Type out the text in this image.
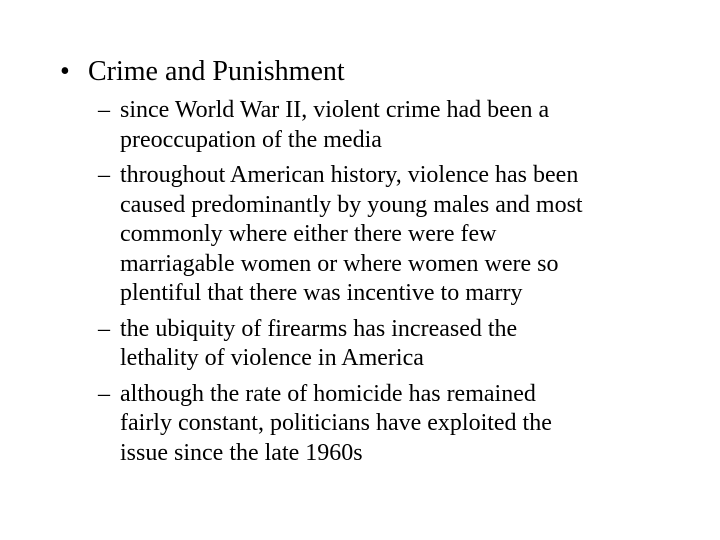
• Crime and Punishment
– since World War II, violent crime had been a
preoccupation of the media
– throughout American history, violence has been
caused predominantly by young males and most
commonly where either there were few
marriagable women or where women were so
plentiful that there was incentive to marry
– the ubiquity of firearms has increased the
lethality of violence in America
– although the rate of homicide has remained
fairly constant, politicians have exploited the
issue since the late 1960s
